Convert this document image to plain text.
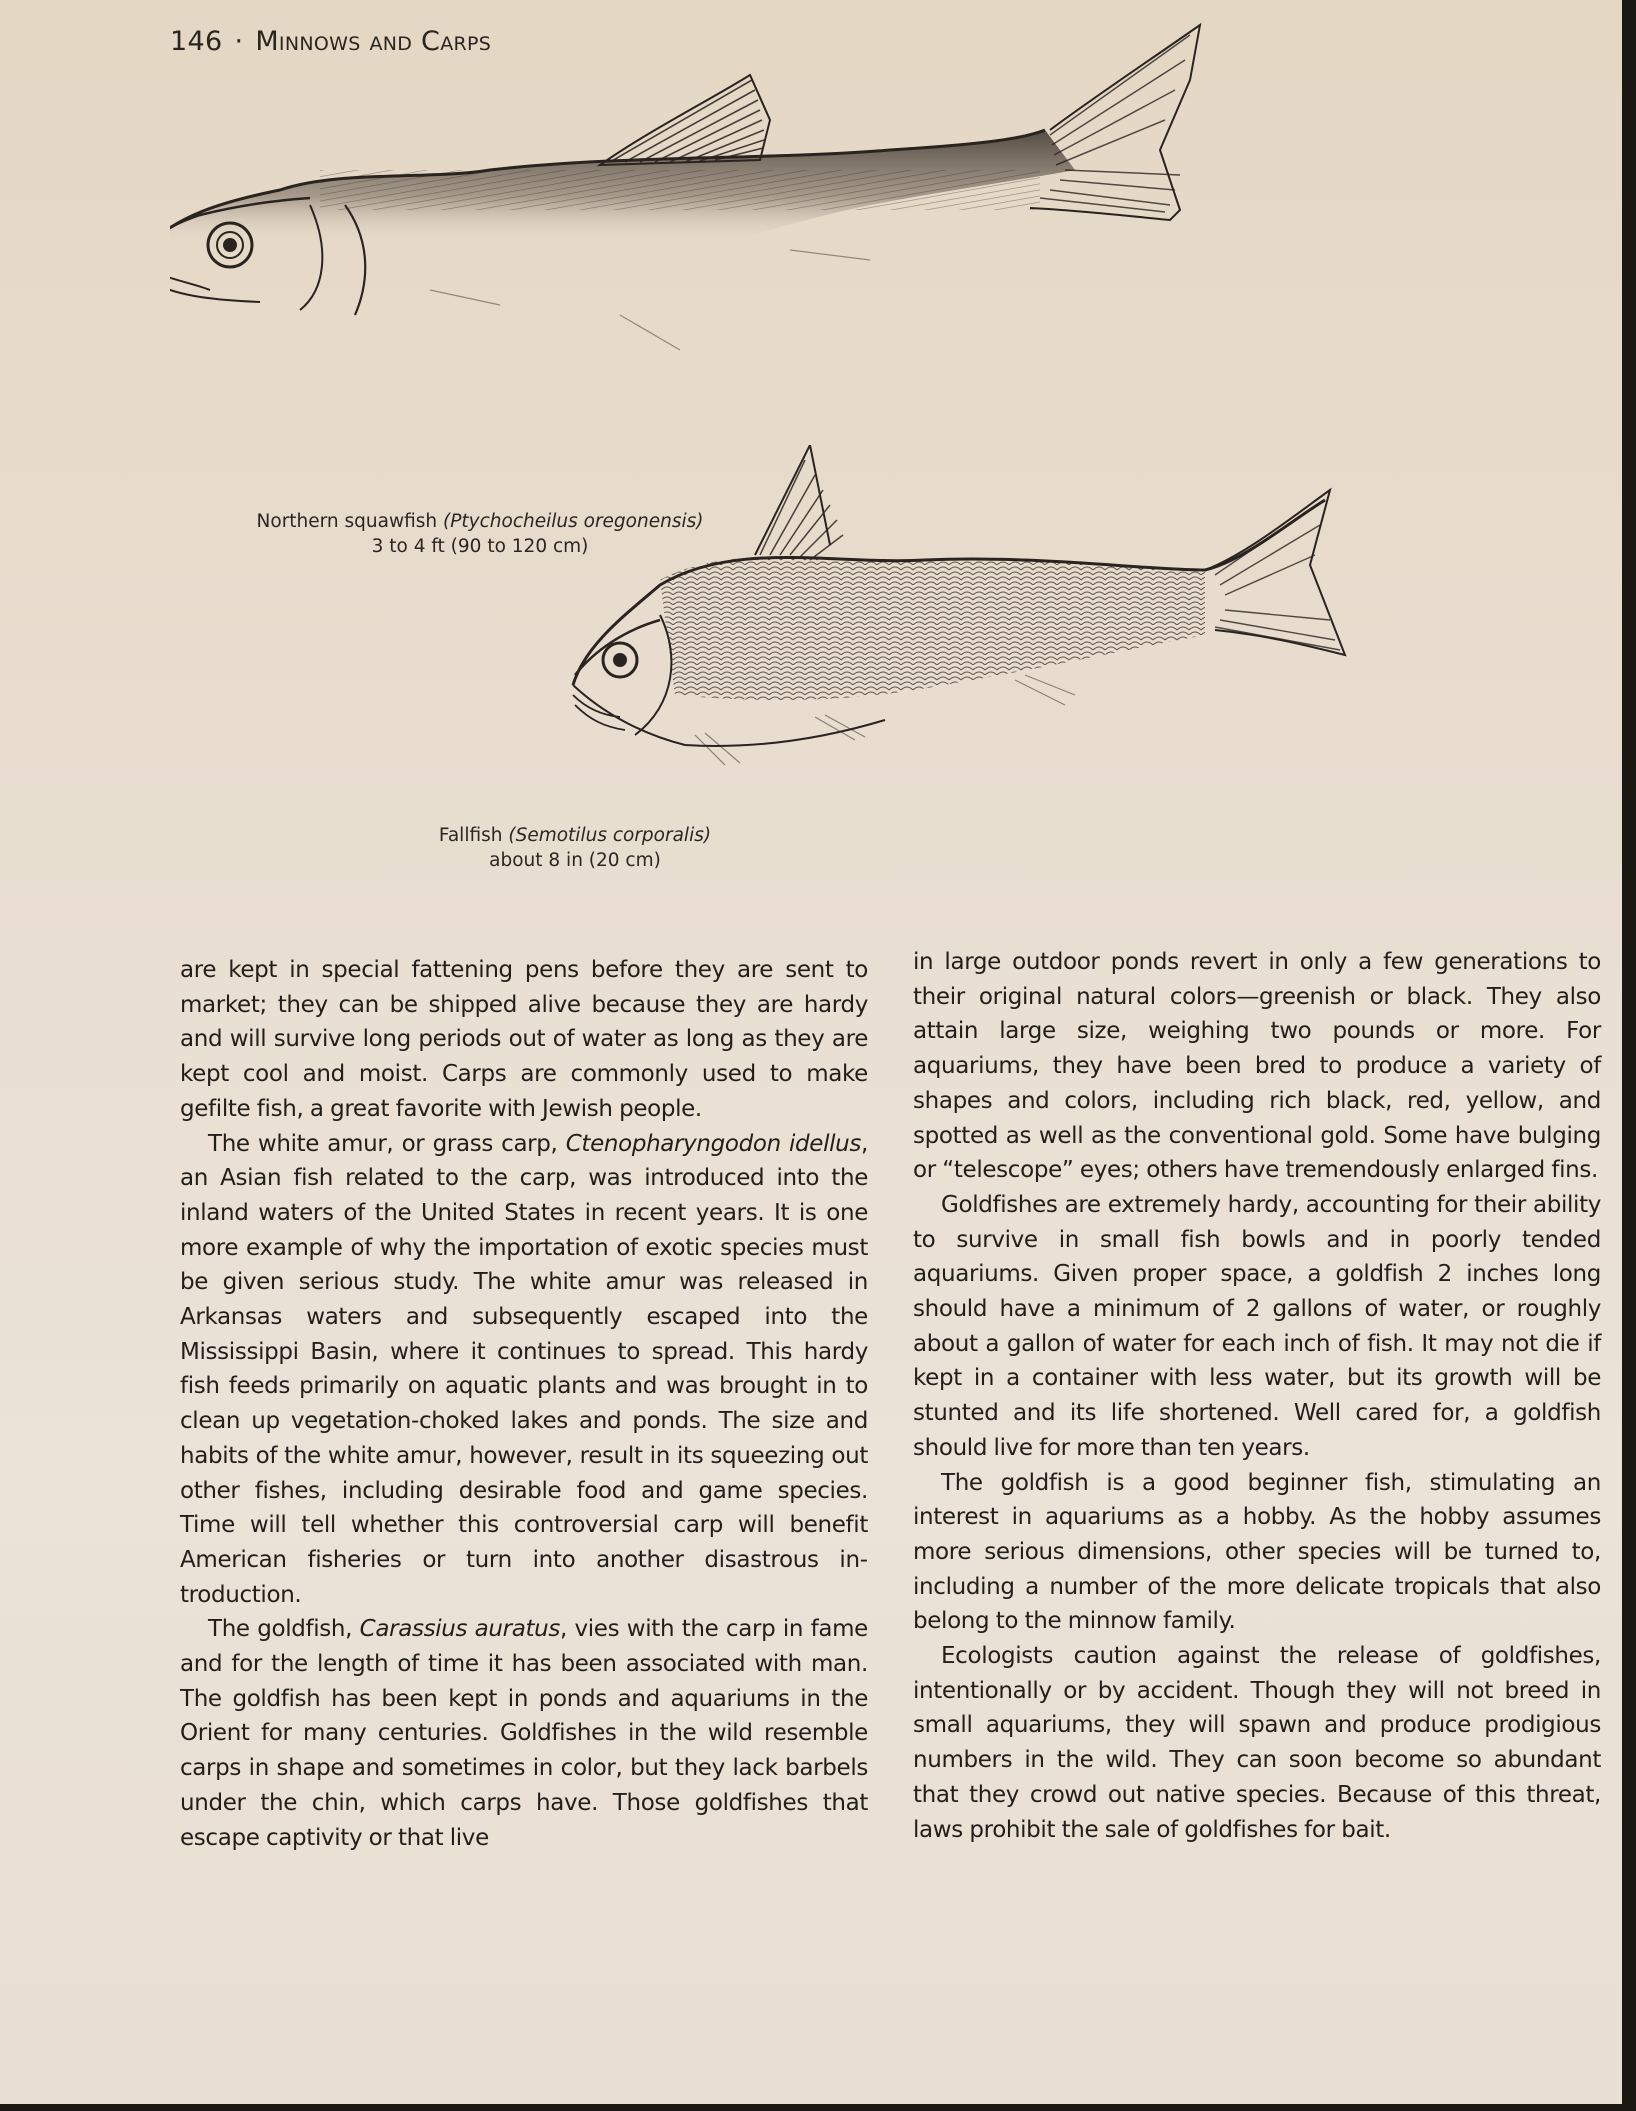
146 · Minnows and Carps
Northern squawfish (Ptychocheilus oregonensis)
3 to 4 ft (90 to 120 cm)
Fallfish (Semotilus corporalis)
about 8 in (20 cm)

are kept in special fattening pens before they are sent to market; they can be shipped alive because they are hardy and will survive long periods out of water as long as they are kept cool and moist. Carps are commonly used to make gefilte fish, a great favorite with Jewish people.

The white amur, or grass carp, Ctenopharyngodon idellus, an Asian fish related to the carp, was introduced into the inland waters of the United States in recent years. It is one more example of why the importation of exotic species must be given serious study. The white amur was released in Arkansas waters and subsequently escaped into the Mississippi Basin, where it continues to spread. This hardy fish feeds primarily on aquatic plants and was brought in to clean up vegetation-choked lakes and ponds. The size and habits of the white amur, however, result in its squeezing out other fishes, including desirable food and game species. Time will tell whether this controversial carp will benefit American fisheries or turn into another disastrous introduction.

The goldfish, Carassius auratus, vies with the carp in fame and for the length of time it has been associated with man. The goldfish has been kept in ponds and aquariums in the Orient for many centuries. Goldfishes in the wild resemble carps in shape and sometimes in color, but they lack barbels under the chin, which carps have. Those goldfishes that escape captivity or that live

in large outdoor ponds revert in only a few generations to their original natural colors—greenish or black. They also attain large size, weighing two pounds or more. For aquariums, they have been bred to produce a variety of shapes and colors, including rich black, red, yellow, and spotted as well as the conventional gold. Some have bulging or “telescope” eyes; others have tremendously enlarged fins.

Goldfishes are extremely hardy, accounting for their ability to survive in small fish bowls and in poorly tended aquariums. Given proper space, a goldfish 2 inches long should have a minimum of 2 gallons of water, or roughly about a gallon of water for each inch of fish. It may not die if kept in a container with less water, but its growth will be stunted and its life shortened. Well cared for, a goldfish should live for more than ten years.

The goldfish is a good beginner fish, stimulating an interest in aquariums as a hobby. As the hobby assumes more serious dimensions, other species will be turned to, including a number of the more delicate tropicals that also belong to the minnow family.

Ecologists caution against the release of goldfishes, intentionally or by accident. Though they will not breed in small aquariums, they will spawn and produce prodigious numbers in the wild. They can soon become so abundant that they crowd out native species. Because of this threat, laws prohibit the sale of goldfishes for bait.
